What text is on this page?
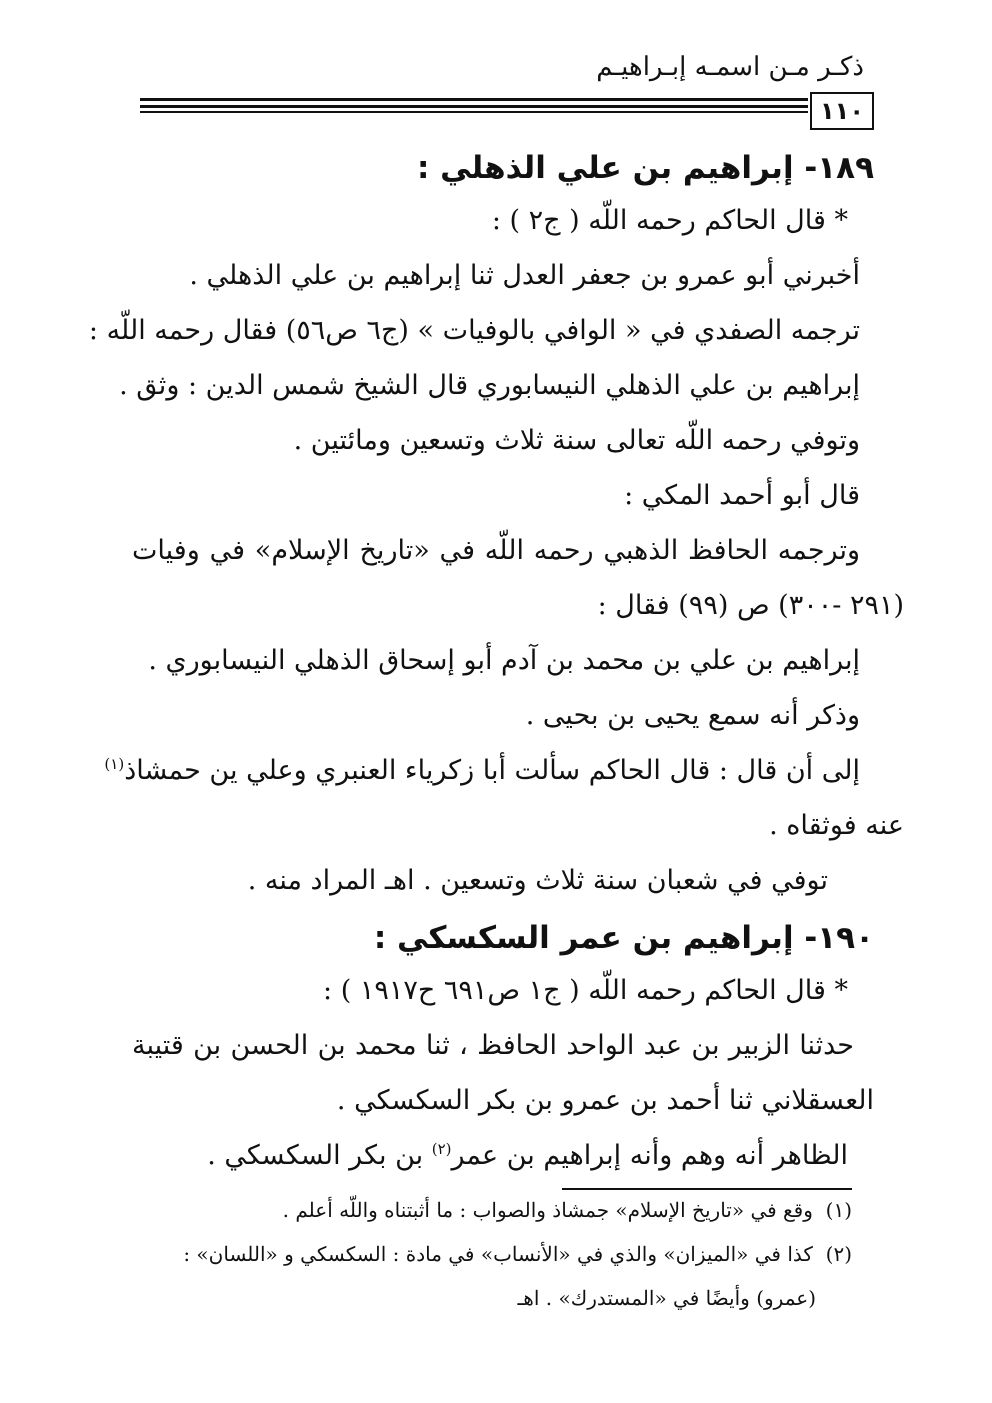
ذكـر مـن اسمـه إبـراهيـم
١١٠
١٨٩- إبراهيم بن علي الذهلي :
* قال الحاكم رحمه اللّه ( ج٢ ) :
أخبرني أبو عمرو بن جعفر العدل ثنا إبراهيم بن علي الذهلي .
ترجمه الصفدي في « الوافي بالوفيات » (ج٦ ص٥٦) فقال رحمه اللّه :
إبراهيم بن علي الذهلي النيسابوري قال الشيخ شمس الدين : وثق .
وتوفي رحمه اللّه تعالى سنة ثلاث وتسعين ومائتين .
قال أبو أحمد المكي :
وترجمه الحافظ الذهبي رحمه اللّه في «تاريخ الإسلام» في وفيات
(٢٩١ -٣٠٠) ص (٩٩) فقال :
إبراهيم بن علي بن محمد بن آدم أبو إسحاق الذهلي النيسابوري .
وذكر أنه سمع يحيى بن بحيى .
إلى أن قال : قال الحاكم سألت أبا زكرياء العنبري وعلي ين حمشاذ$^{(١)}$
عنه فوثقاه .
توفي في شعبان سنة ثلاث وتسعين . اهـ المراد منه .
١٩٠- إبراهيم بن عمر السكسكي :
* قال الحاكم رحمه اللّه ( ج١ ص٦٩١ ح١٩١٧ ) :
حدثنا الزبير بن عبد الواحد الحافظ ، ثنا محمد بن الحسن بن قتيبة
العسقلاني ثنا أحمد بن عمرو بن بكر السكسكي .
الظاهر أنه وهم وأنه إبراهيم بن عمر$^{(٢)}$ بن بكر السكسكي .
(١)  وقع في «تاريخ الإسلام» جمشاذ والصواب : ما أثبتناه واللّه أعلم .
(٢)  كذا في «الميزان» والذي في «الأنساب» في مادة : السكسكي و «اللسان» :
(عمرو) وأيضًا في «المستدرك» . اهـ
